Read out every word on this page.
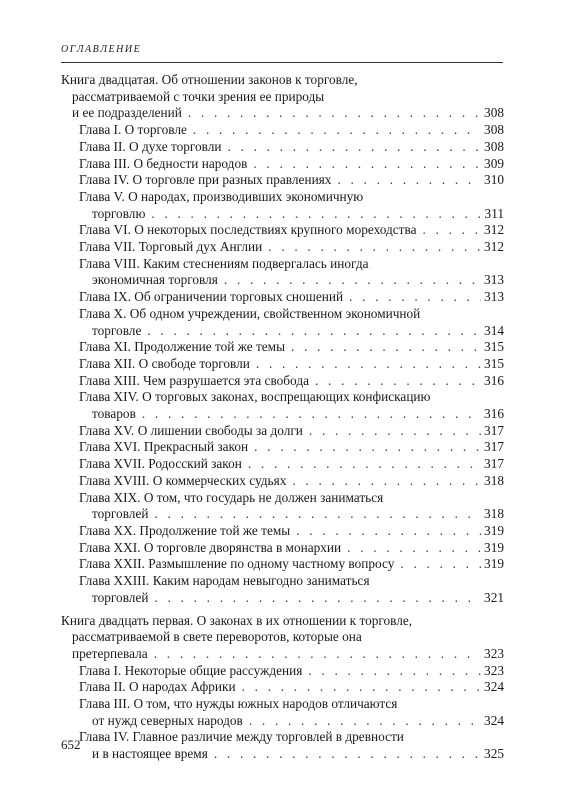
ОГЛАВЛЕНИЕ
Книга двадцатая. Об отношении законов к торговле,
рассматриваемой с точки зрения ее природы
и ее подразделений . . .	308
Глава I. О торговле . . .	308
Глава II. О духе торговли . . .	308
Глава III. О бедности народов . . .	309
Глава IV. О торговле при разных правлениях . . .	310
Глава V. О народах, производивших экономичную
торговлю . . .	311
Глава VI. О некоторых последствиях крупного мореходства . . .	312
Глава VII. Торговый дух Англии . . .	312
Глава VIII. Каким стеснениям подвергалась иногда
экономичная торговля . . .	313
Глава IX. Об ограничении торговых сношений . . .	313
Глава X. Об одном учреждении, свойственном экономичной
торговле . . .	314
Глава XI. Продолжение той же темы . . .	315
Глава XII. О свободе торговли . . .	315
Глава XIII. Чем разрушается эта свобода . . .	316
Глава XIV. О торговых законах, воспрещающих конфискацию
товаров . . .	316
Глава XV. О лишении свободы за долги . . .	317
Глава XVI. Прекрасный закон . . .	317
Глава XVII. Родосский закон . . .	317
Глава XVIII. О коммерческих судьях . . .	318
Глава XIX. О том, что государь не должен заниматься
торговлей . . .	318
Глава XX. Продолжение той же темы . . .	319
Глава XXI. О торговле дворянства в монархии . . .	319
Глава XXII. Размышление по одному частному вопросу . . .	319
Глава XXIII. Каким народам невыгодно заниматься
торговлей . . .	321
Книга двадцать первая. О законах в их отношении к торговле,
рассматриваемой в свете переворотов, которые она
претерпевала . . .	323
Глава I. Некоторые общие рассуждения . . .	323
Глава II. О народах Африки . . .	324
Глава III. О том, что нужды южных народов отличаются
от нужд северных народов . . .	324
Глава IV. Главное различие между торговлей в древности
и в настоящее время . . .	325
652
